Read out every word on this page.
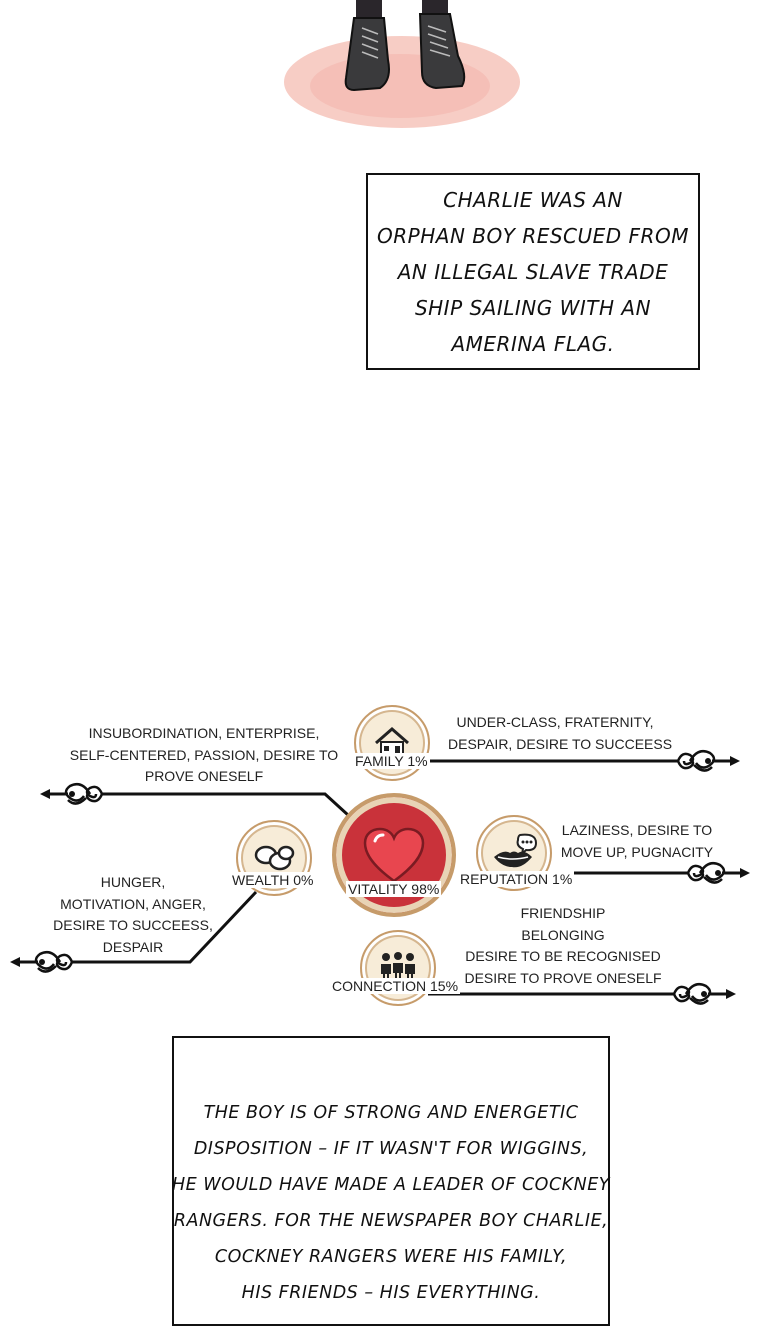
CHARLIE WAS AN
ORPHAN BOY RESCUED FROM
AN ILLEGAL SLAVE TRADE
SHIP SAILING WITH AN
AMERINA FLAG.
FAMILY 1%
UNDER-CLASS, FRATERNITY,
DESPAIR, DESIRE TO SUCCEESS
VITALITY 98%
INSUBORDINATION, ENTERPRISE,
SELF-CENTERED, PASSION, DESIRE TO
PROVE ONESELF
WEALTH 0%
HUNGER,
MOTIVATION, ANGER,
DESIRE TO SUCCEESS,
DESPAIR
REPUTATION 1%
LAZINESS, DESIRE TO
MOVE UP, PUGNACITY
CONNECTION 15%
FRIENDSHIP
BELONGING
DESIRE TO BE RECOGNISED
DESIRE TO PROVE ONESELF
THE BOY IS OF STRONG AND ENERGETIC
DISPOSITION – IF IT WASN'T FOR WIGGINS,
HE WOULD HAVE MADE A LEADER OF COCKNEY
RANGERS. FOR THE NEWSPAPER BOY CHARLIE,
COCKNEY RANGERS WERE HIS FAMILY,
HIS FRIENDS – HIS EVERYTHING.
